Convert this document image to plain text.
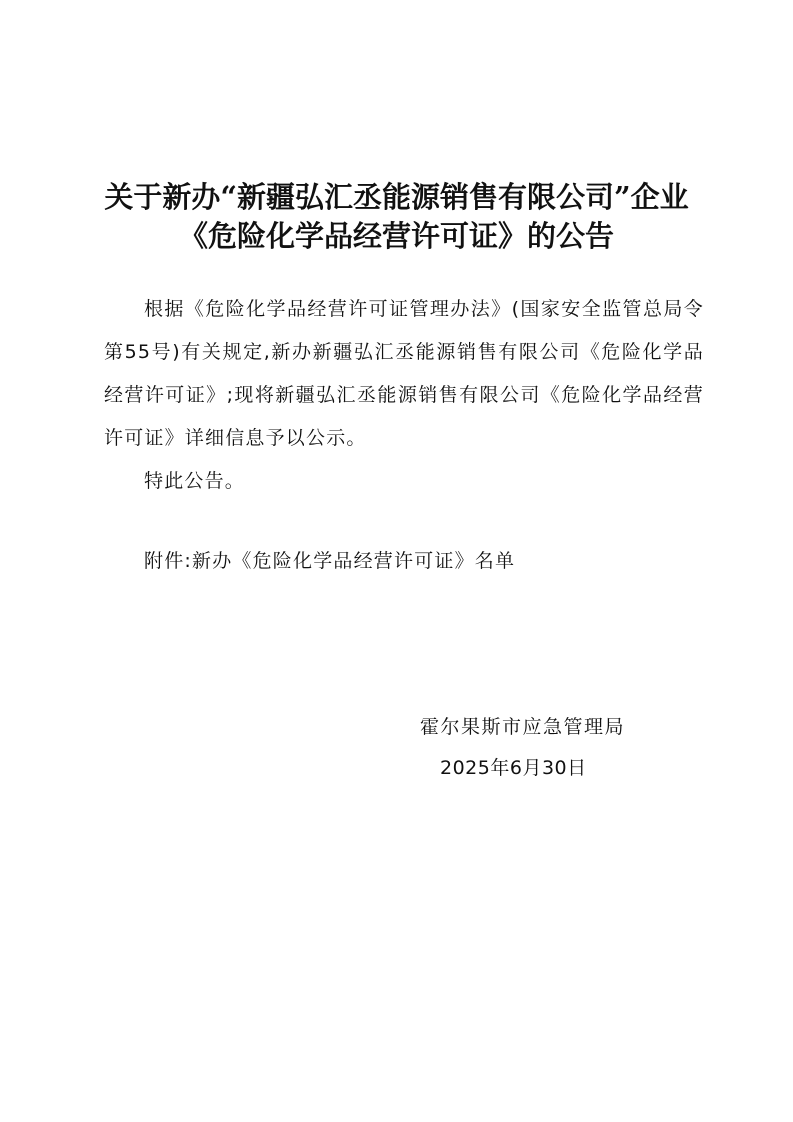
关于新办“新疆弘汇丞能源销售有限公司”企业
《危险化学品经营许可证》的公告
根据《危险化学品经营许可证管理办法》(国家安全监管总局令第55号)有关规定,新办新疆弘汇丞能源销售有限公司《危险化学品经营许可证》;现将新疆弘汇丞能源销售有限公司《危险化学品经营许可证》详细信息予以公示。
特此公告。
附件:新办《危险化学品经营许可证》名单
霍尔果斯市应急管理局
2025年6月30日
